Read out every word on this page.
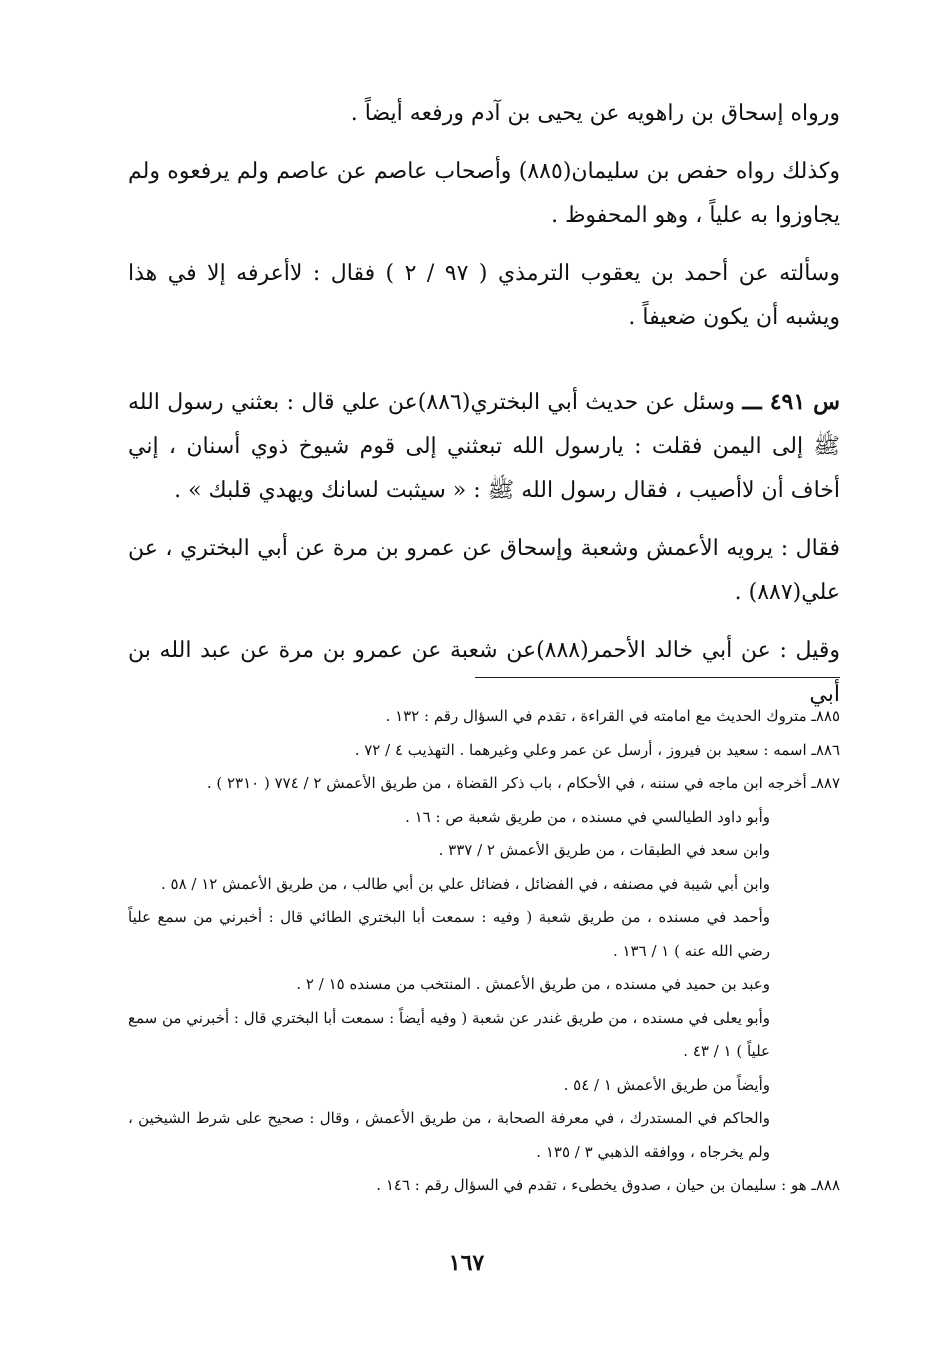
ورواه إسحاق بن راهويه عن يحيى بن آدم ورفعه أيضاً .

وكذلك رواه حفص بن سليمان(٨٨٥) وأصحاب عاصم عن عاصم ولم يرفعوه ولم يجاوزوا به علياً ، وهو المحفوظ .

وسألته عن أحمد بن يعقوب الترمذي ( ٩٧ / ٢ ) فقال : لاأعرفه إلا في هذا ويشبه أن يكون ضعيفاً .

س ٤٩١ ـــ وسئل عن حديث أبي البختري(٨٨٦)عن علي قال : بعثني رسول الله ﷺ إلى اليمن فقلت : يارسول الله تبعثني إلى قوم شيوخ ذوي أسنان ، إني أخاف أن لاأصيب ، فقال رسول الله ﷺ : « سيثبت لسانك ويهدي قلبك » .

فقال : يرويه الأعمش وشعبة وإسحاق عن عمرو بن مرة عن أبي البختري ، عن علي(٨٨٧) .

وقيل : عن أبي خالد الأحمر(٨٨٨)عن شعبة عن عمرو بن مرة عن عبد الله بن أبي

٨٨٥ـ متروك الحديث مع امامته في القراءة ، تقدم في السؤال رقم : ١٣٢ .

٨٨٦ـ اسمه : سعيد بن فيروز ، أرسل عن عمر وعلي وغيرهما . التهذيب ٤ / ٧٢ .

٨٨٧ـ أخرجه ابن ماجه في سننه ، في الأحكام ، باب ذكر القضاة ، من طريق الأعمش ٢ / ٧٧٤ ( ٢٣١٠ ) .

وأبو داود الطيالسي في مسنده ، من طريق شعبة ص : ١٦ .

وابن سعد في الطبقات ، من طريق الأعمش ٢ / ٣٣٧ .

وابن أبي شيبة في مصنفه ، في الفضائل ، فضائل علي بن أبي طالب ، من طريق الأعمش ١٢ / ٥٨ .

وأحمد في مسنده ، من طريق شعبة ( وفيه : سمعت أبا البختري الطائي قال : أخبرني من سمع علياً رضي الله عنه ) ١ / ١٣٦ .

وعبد بن حميد في مسنده ، من طريق الأعمش . المنتخب من مسنده ١٥ / ٢ .

وأبو يعلى في مسنده ، من طريق غندر عن شعبة ( وفيه أيضاً : سمعت أبا البختري قال : أخبرني من سمع علياً ) ١ / ٤٣ .

وأيضاً من طريق الأعمش ١ / ٥٤ .

والحاكم في المستدرك ، في معرفة الصحابة ، من طريق الأعمش ، وقال : صحيح على شرط الشيخين ، ولم يخرجاه ، ووافقه الذهبي ٣ / ١٣٥ .

٨٨٨ـ هو : سليمان بن حيان ، صدوق يخطىء ، تقدم في السؤال رقم : ١٤٦ .

١٦٧
